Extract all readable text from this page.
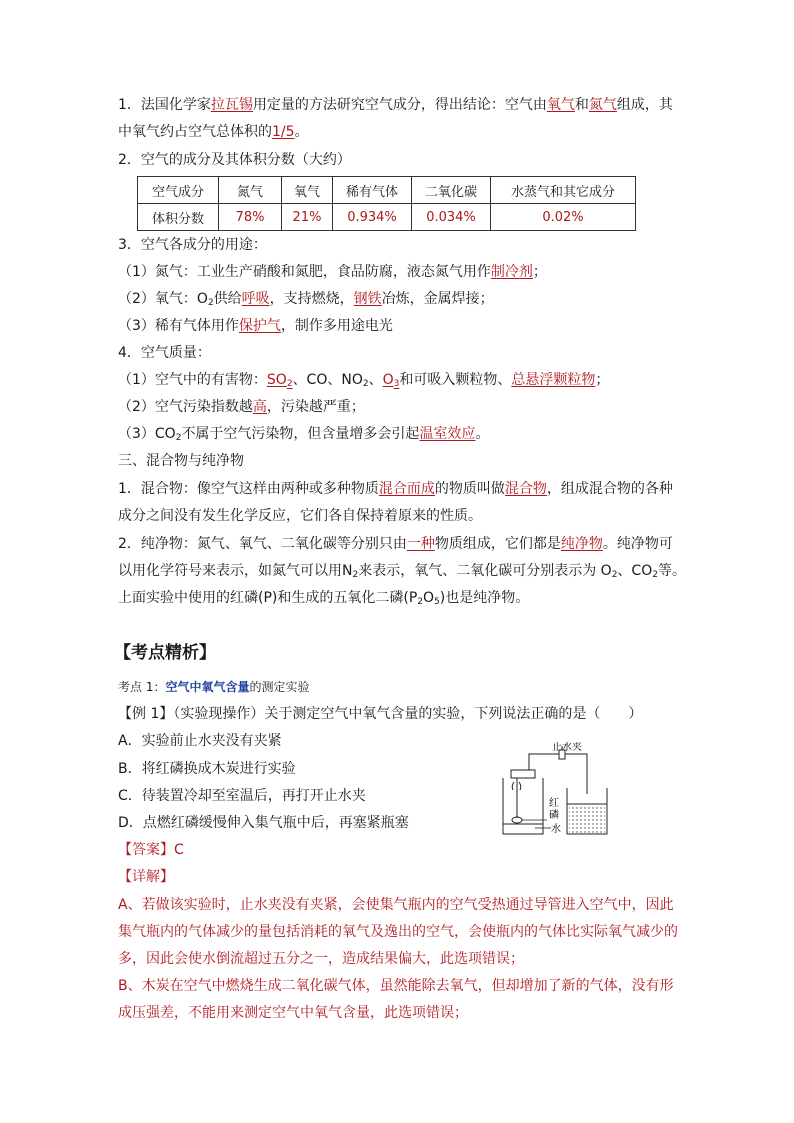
1．法国化学家拉瓦锡用定量的方法研究空气成分，得出结论：空气由氧气和氮气组成，其
中氧气约占空气总体积的1/5。
2．空气的成分及其体积分数（大约）
空气成分	氮气	氧气	稀有气体	二氧化碳	水蒸气和其它成分
体积分数	78%	21%	0.934%	0.034%	0.02%
3．空气各成分的用途：
（1）氮气：工业生产硝酸和氮肥，食品防腐，液态氮气用作制冷剂；
（2）氧气：$O_2$供给呼吸，支持燃烧，钢铁冶炼，金属焊接；
（3）稀有气体用作保护气，制作多用途电光
4．空气质量：
（1）空气中的有害物：$SO_2$、CO、$NO_2$、$O_3$和可吸入颗粒物、总悬浮颗粒物；
（2）空气污染指数越高，污染越严重；
$(3)CO_2$不属于空气污染物，但含量增多会引起温室效应。
三、混合物与纯净物
1．混合物：像空气这样由两种或多种物质混合而成的物质叫做混合物，组成混合物的各种
成分之间没有发生化学反应，它们各自保持着原来的性质。
2．纯净物：氮气、氧气、二氧化碳等分别只由一种物质组成，它们都是纯净物。纯净物可
以用化学符号来表示，如氮气可以用$N_2$来表示，氧气、二氧化碳可分别表示为 $O_2$、$CO_2$等。
上面实验中使用的红磷(P)和生成的五氧化二磷$(P_2O_5)$也是纯净物。
【考点精析】
考点 1：空气中氧气含量的测定实验
【例 1】（实验现操作）关于测定空气中氧气含量的实验，下列说法正确的是（　　）
A．实验前止水夹没有夹紧
B．将红磷换成木炭进行实验
C．待装置冷却至室温后，再打开止水夹
D．点燃红磷缓慢伸入集气瓶中后，再塞紧瓶塞
【答案】C
【详解】
A、若做该实验时，止水夹没有夹紧，会使集气瓶内的空气受热通过导管进入空气中，因此
集气瓶内的气体减少的量包括消耗的氧气及逸出的空气，会使瓶内的气体比实际氧气减少的
多，因此会使水倒流超过五分之一，造成结果偏大，此选项错误；
B、木炭在空气中燃烧生成二氧化碳气体，虽然能除去氧气，但却增加了新的气体，没有形
成压强差，不能用来测定空气中氧气含量，此选项错误；
止水夹
红
磷
水
